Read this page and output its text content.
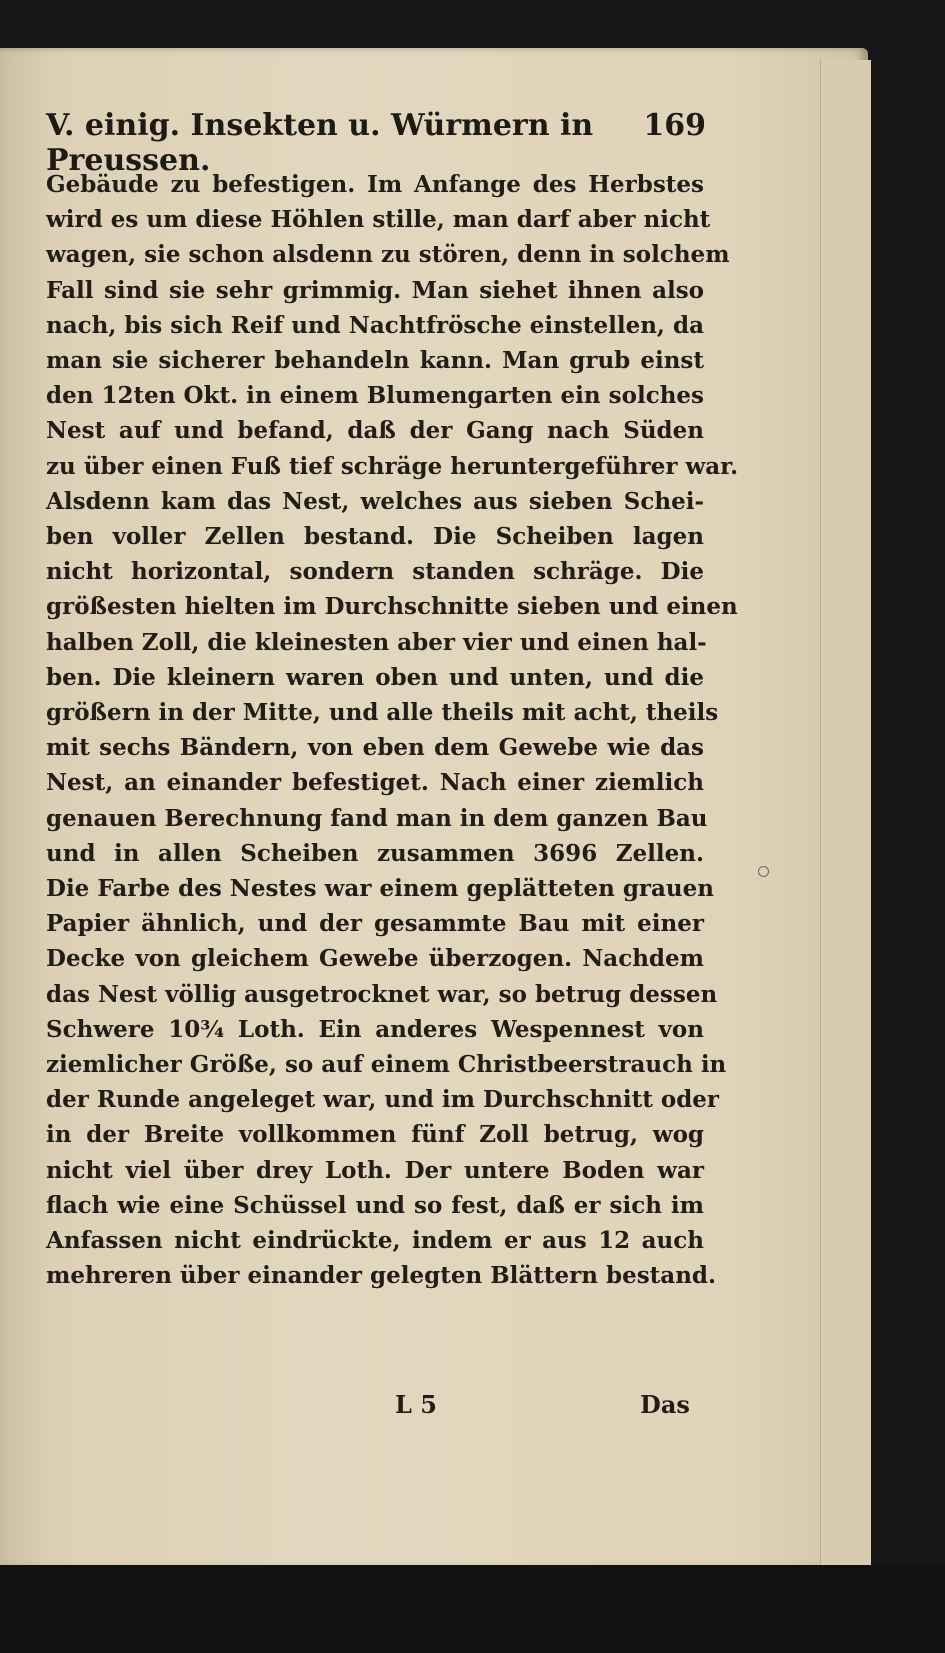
V. einig. Insekten u. Würmern in Preussen.
169
Gebäude zu befestigen. Im Anfange des Herbstes
wird es um diese Höhlen stille, man darf aber nicht
wagen, sie schon alsdenn zu stören, denn in solchem
Fall sind sie sehr grimmig. Man siehet ihnen also
nach, bis sich Reif und Nachtfrösche einstellen, da
man sie sicherer behandeln kann. Man grub einst
den 12ten Okt. in einem Blumengarten ein solches
Nest auf und befand, daß der Gang nach Süden
zu über einen Fuß tief schräge heruntergeführer war.
Alsdenn kam das Nest, welches aus sieben Schei-
ben voller Zellen bestand. Die Scheiben lagen
nicht horizontal, sondern standen schräge. Die
größesten hielten im Durchschnitte sieben und einen
halben Zoll, die kleinesten aber vier und einen hal-
ben. Die kleinern waren oben und unten, und die
größern in der Mitte, und alle theils mit acht, theils
mit sechs Bändern, von eben dem Gewebe wie das
Nest, an einander befestiget. Nach einer ziemlich
genauen Berechnung fand man in dem ganzen Bau
und in allen Scheiben zusammen 3696 Zellen.
Die Farbe des Nestes war einem geplätteten grauen
Papier ähnlich, und der gesammte Bau mit einer
Decke von gleichem Gewebe überzogen. Nachdem
das Nest völlig ausgetrocknet war, so betrug dessen
Schwere 10¾ Loth. Ein anderes Wespennest von
ziemlicher Größe, so auf einem Christbeerstrauch in
der Runde angeleget war, und im Durchschnitt oder
in der Breite vollkommen fünf Zoll betrug, wog
nicht viel über drey Loth. Der untere Boden war
flach wie eine Schüssel und so fest, daß er sich im
Anfassen nicht eindrückte, indem er aus 12 auch
mehreren über einander gelegten Blättern bestand.
L 5	Das
